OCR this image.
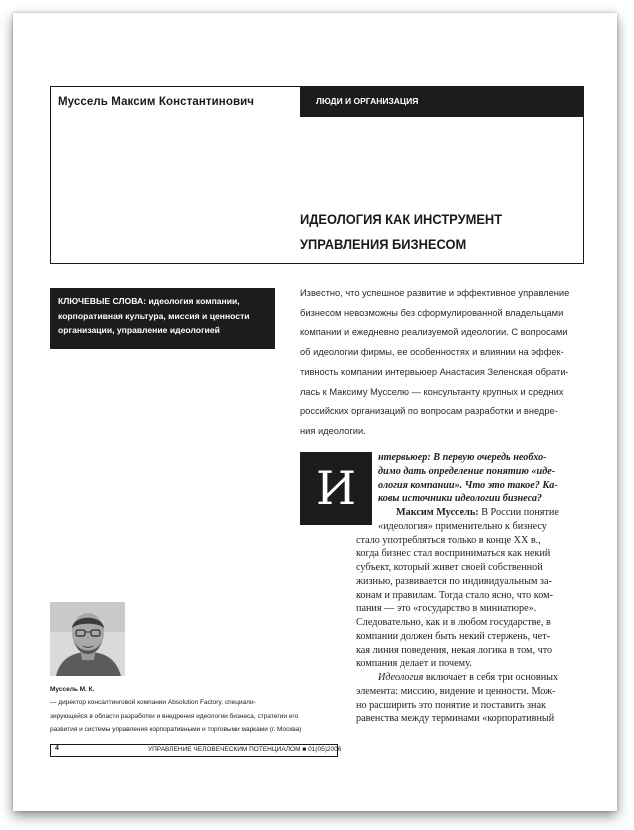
Муссель Максим Константинович	ЛЮДИ И ОРГАНИЗАЦИЯ
ИДЕОЛОГИЯ КАК ИНСТРУМЕНТ
УПРАВЛЕНИЯ БИЗНЕСОМ
КЛЮЧЕВЫЕ СЛОВА: идеология компании, корпоративная культура, миссия и ценности организации, управление идеологией

Известно, что успешное развитие и эффективное управление
бизнесом невозможны без сформулированной владельцами
компании и ежедневно реализуемой идеологии. С вопросами
об идеологии фирмы, ее особенностях и влиянии на эффек-
тивность компании интервьюер Анастасия Зеленская обрати-
лась к Максиму Мусселю — консультанту крупных и средних
российских организаций по вопросам разработки и внедре-
ния идеологии.

И
нтервьюер: В первую очередь необхо-
димо дать определение понятию «иде-
ология компании». Что это такое? Ка-
ковы источники идеологии бизнеса?
Максим Муссель: В России понятие
«идеология» применительно к бизнесу
стало употребляться только в конце XX в.,
когда бизнес стал восприниматься как некий
субъект, который живет своей собственной
жизнью, развивается по индивидуальным за-
конам и правилам. Тогда стало ясно, что ком-
пания — это «государство в миниатюре».
Следовательно, как и в любом государстве, в
компании должен быть некий стержень, чет-
кая линия поведения, некая логика в том, что
компания делает и почему.
Идеология включает в себя три основных
элемента: миссию, видение и ценности. Мож-
но расширить это понятие и поставить знак
равенства между терминами «корпоративный

Муссель М. К.
— директор консалтинговой компании Absolution Factory, специали-
зирующейся в области разработки и внедрения идеологии бизнеса, стратегии его
развития и системы управления корпоративными и торговыми марками (г. Москва)

4	УПРАВЛЕНИЕ ЧЕЛОВЕЧЕСКИМ ПОТЕНЦИАЛОМ ■ 01(05)2006
